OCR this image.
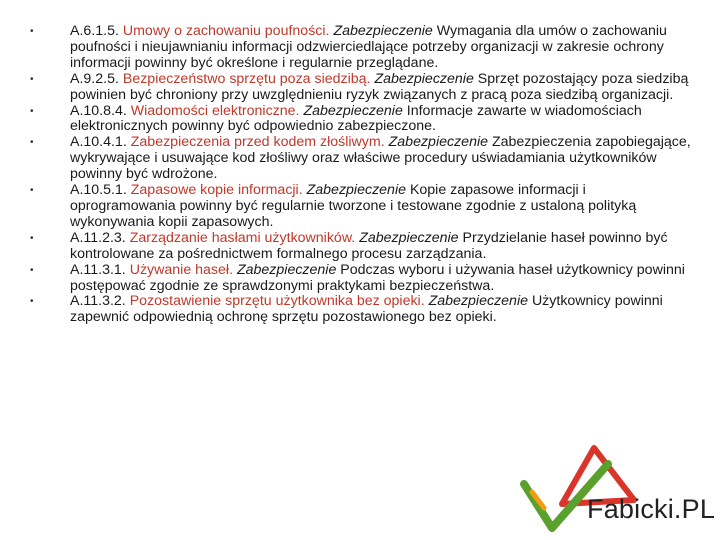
•	A.6.1.5. Umowy o zachowaniu poufności. Zabezpieczenie Wymagania dla umów o zachowaniu poufności i nieujawnianiu informacji odzwierciedlające potrzeby organizacji w zakresie ochrony informacji powinny być określone i regularnie przeglądane.
•	A.9.2.5. Bezpieczeństwo sprzętu poza siedzibą. Zabezpieczenie Sprzęt pozostający poza siedzibą powinien być chroniony przy uwzględnieniu ryzyk związanych z pracą poza siedzibą organizacji.
•	A.10.8.4. Wiadomości elektroniczne. Zabezpieczenie Informacje zawarte w wiadomościach elektronicznych powinny być odpowiednio zabezpieczone.
•	A.10.4.1. Zabezpieczenia przed kodem złośliwym. Zabezpieczenie Zabezpieczenia zapobiegające, wykrywające i usuwające kod złośliwy oraz właściwe procedury uświadamiania użytkowników powinny być wdrożone.
•	A.10.5.1. Zapasowe kopie informacji. Zabezpieczenie Kopie zapasowe informacji i oprogramowania powinny być regularnie tworzone i testowane zgodnie z ustaloną polityką wykonywania kopii zapasowych.
•	A.11.2.3. Zarządzanie hasłami użytkowników. Zabezpieczenie Przydzielanie haseł powinno być kontrolowane za pośrednictwem formalnego procesu zarządzania.
•	A.11.3.1. Używanie haseł. Zabezpieczenie Podczas wyboru i używania haseł użytkownicy powinni postępować zgodnie ze sprawdzonymi praktykami bezpieczeństwa.
•	A.11.3.2. Pozostawienie sprzętu użytkownika bez opieki. Zabezpieczenie Użytkownicy powinni zapewnić odpowiednią ochronę sprzętu pozostawionego bez opieki.
Fabicki.PL
